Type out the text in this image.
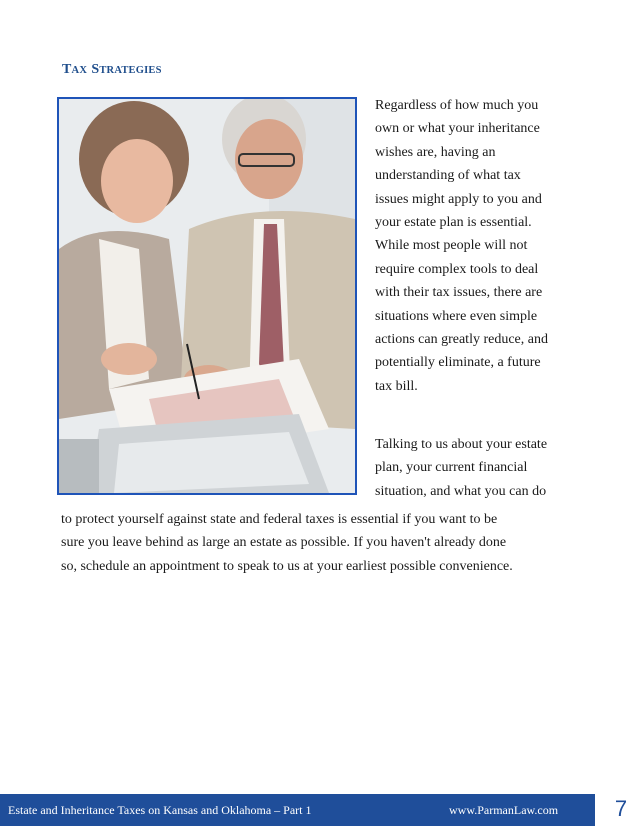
TAX STRATEGIES

Regardless of how much you
own or what your inheritance
wishes are, having an
understanding of what tax
issues might apply to you and
your estate plan is essential.
While most people will not
require complex tools to deal
with their tax issues, there are
situations where even simple
actions can greatly reduce, and
potentially eliminate, a future
tax bill.

Talking to us about your estate
plan, your current financial
situation, and what you can do

to protect yourself against state and federal taxes is essential if you want to be
sure you leave behind as large an estate as possible. If you haven't already done
so, schedule an appointment to speak to us at your earliest possible convenience.

Estate and Inheritance Taxes on Kansas and Oklahoma – Part 1	www.ParmanLaw.com	7
